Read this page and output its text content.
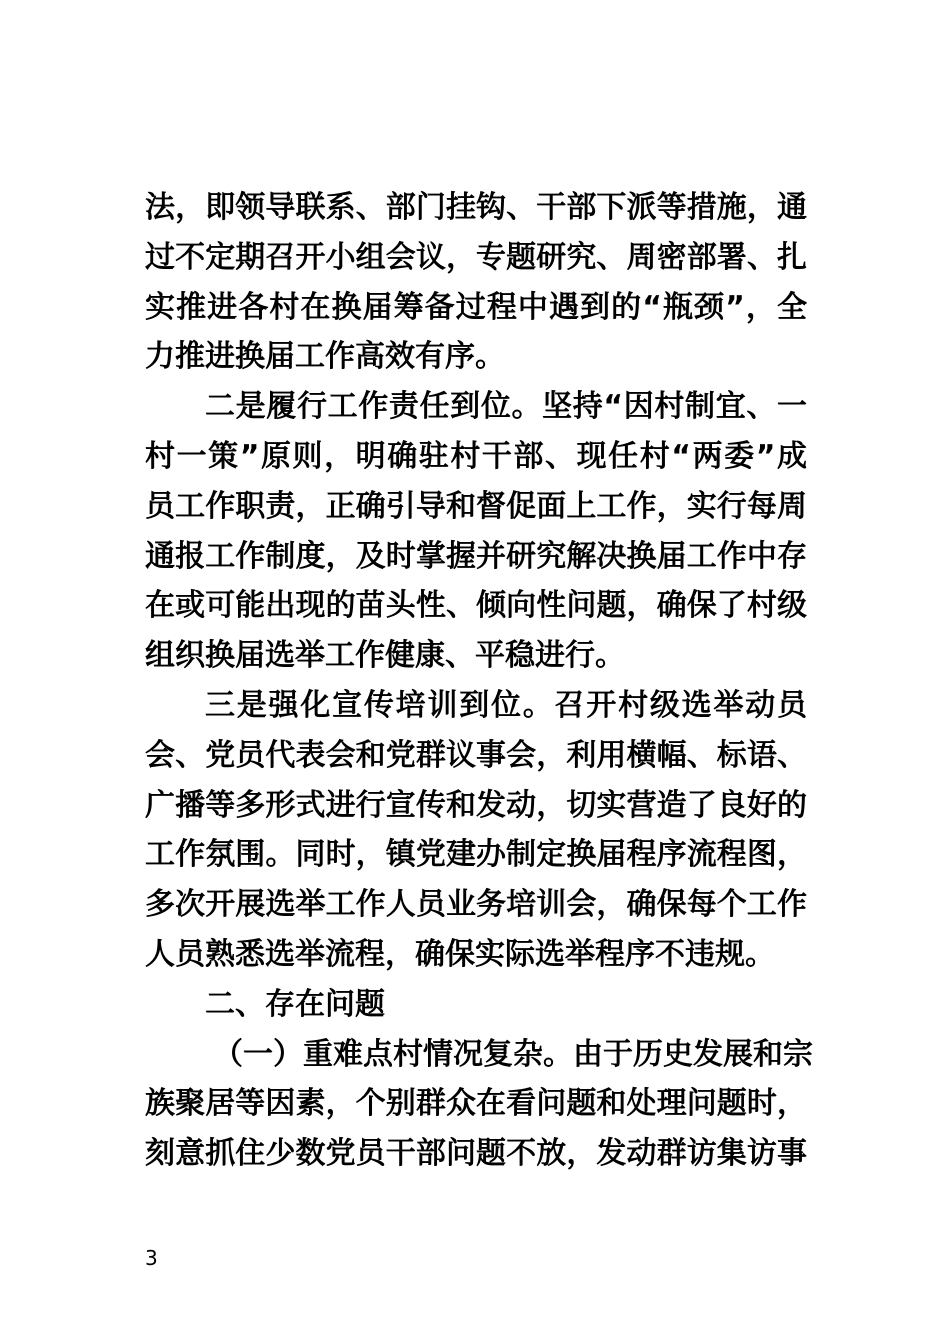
法，即领导联系、部门挂钩、干部下派等措施，通
过不定期召开小组会议，专题研究、周密部署、扎
实推进各村在换届筹备过程中遇到的“瓶颈”，全
力推进换届工作高效有序。
二是履行工作责任到位。坚持“因村制宜、一
村一策”原则，明确驻村干部、现任村“两委”成
员工作职责，正确引导和督促面上工作，实行每周
通报工作制度，及时掌握并研究解决换届工作中存
在或可能出现的苗头性、倾向性问题，确保了村级
组织换届选举工作健康、平稳进行。
三是强化宣传培训到位。召开村级选举动员
会、党员代表会和党群议事会，利用横幅、标语、
广播等多形式进行宣传和发动，切实营造了良好的
工作氛围。同时，镇党建办制定换届程序流程图，
多次开展选举工作人员业务培训会，确保每个工作
人员熟悉选举流程，确保实际选举程序不违规。
二、存在问题
（一）重难点村情况复杂。由于历史发展和宗
族聚居等因素，个别群众在看问题和处理问题时，
刻意抓住少数党员干部问题不放，发动群访集访事
3
